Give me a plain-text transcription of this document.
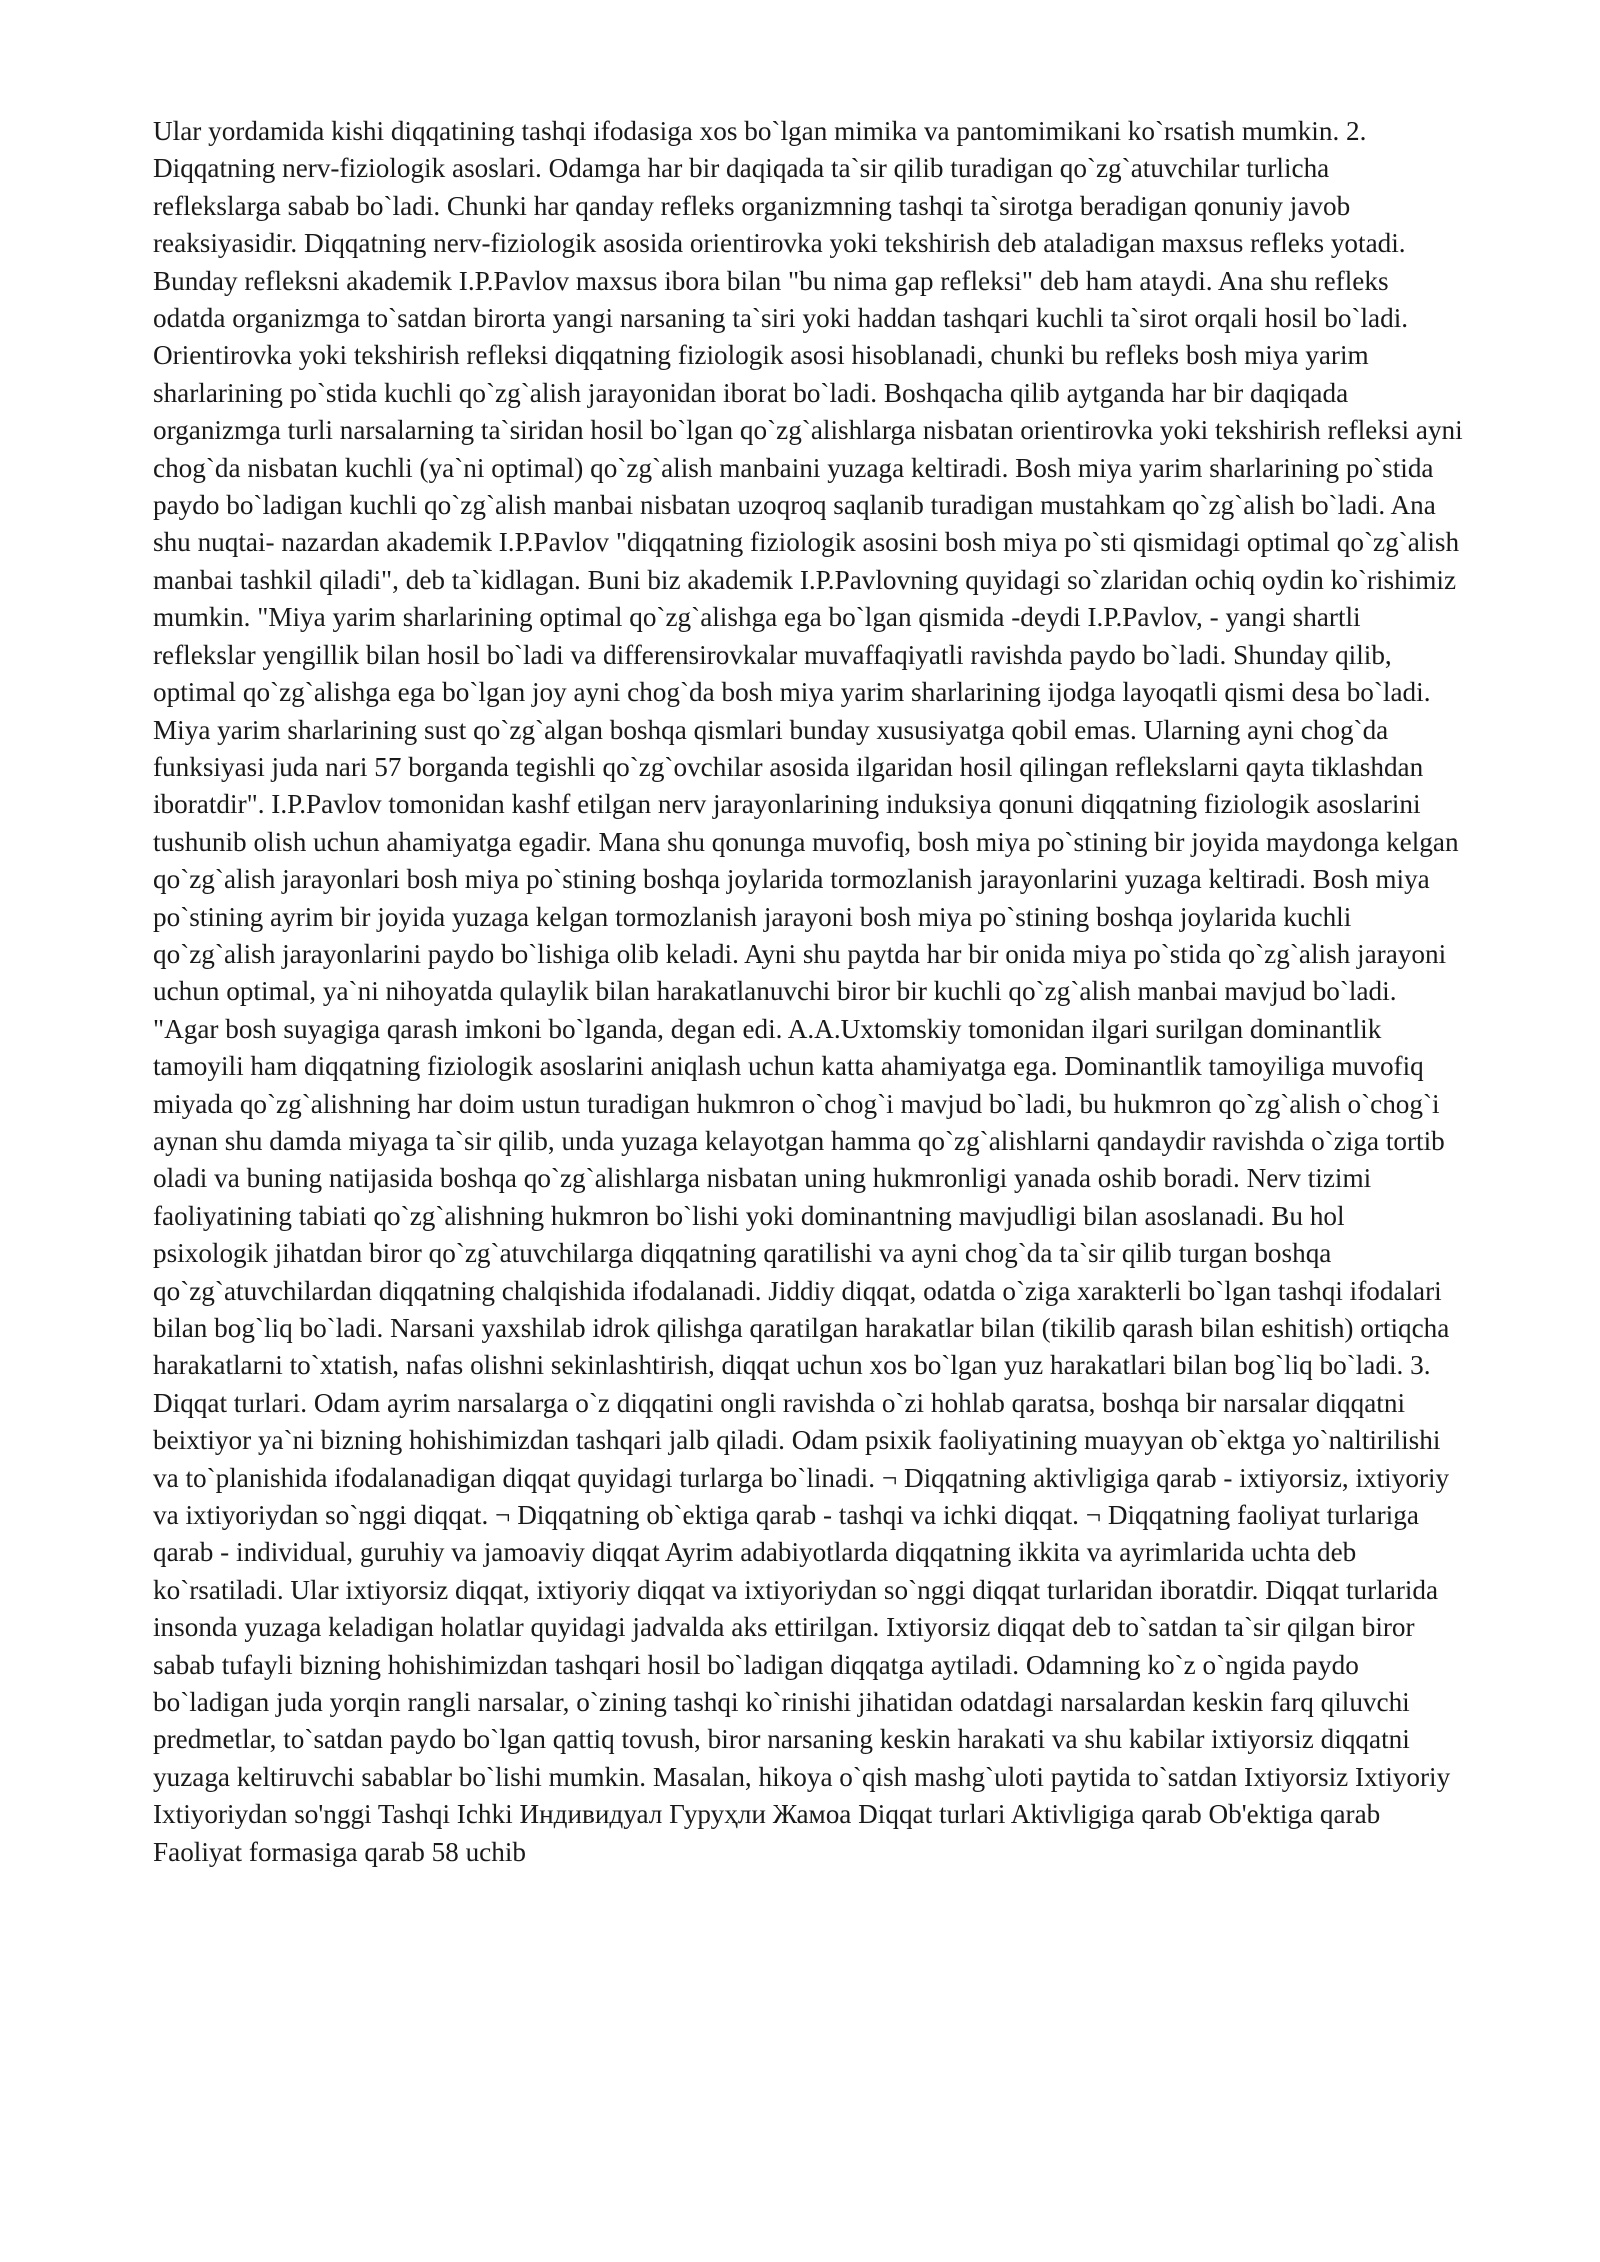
Ular yordamida kishi diqqatining tashqi ifodasiga xos bo`lgan mimika va pantomimikani ko`rsatish mumkin. 2. Diqqatning nerv-fiziologik asoslari. Odamga har bir daqiqada ta`sir qilib turadigan qo`zg`atuvchilar turlicha reflekslarga sabab bo`ladi. Chunki har qanday refleks organizmning tashqi ta`sirotga beradigan qonuniy javob reaksiyasidir. Diqqatning nerv-fiziologik asosida orientirovka yoki tekshirish deb ataladigan maxsus refleks yotadi. Bunday refleksni akademik I.P.Pavlov maxsus ibora bilan "bu nima gap refleksi" deb ham ataydi. Ana shu refleks odatda organizmga to`satdan birorta yangi narsaning ta`siri yoki haddan tashqari kuchli ta`sirot orqali hosil bo`ladi. Orientirovka yoki tekshirish refleksi diqqatning fiziologik asosi hisoblanadi, chunki bu refleks bosh miya yarim sharlarining po`stida kuchli qo`zg`alish jarayonidan iborat bo`ladi. Boshqacha qilib aytganda har bir daqiqada organizmga turli narsalarning ta`siridan hosil bo`lgan qo`zg`alishlarga nisbatan orientirovka yoki tekshirish refleksi ayni chog`da nisbatan kuchli (ya`ni optimal) qo`zg`alish manbaini yuzaga keltiradi. Bosh miya yarim sharlarining po`stida paydo bo`ladigan kuchli qo`zg`alish manbai nisbatan uzoqroq saqlanib turadigan mustahkam qo`zg`alish bo`ladi. Ana shu nuqtai- nazardan akademik I.P.Pavlov "diqqatning fiziologik asosini bosh miya po`sti qismidagi optimal qo`zg`alish manbai tashkil qiladi", deb ta`kidlagan. Buni biz akademik I.P.Pavlovning quyidagi so`zlaridan ochiq oydin ko`rishimiz mumkin. "Miya yarim sharlarining optimal qo`zg`alishga ega bo`lgan qismida -deydi I.P.Pavlov, - yangi shartli reflekslar yengillik bilan hosil bo`ladi va differensirovkalar muvaffaqiyatli ravishda paydo bo`ladi. Shunday qilib, optimal qo`zg`alishga ega bo`lgan joy ayni chog`da bosh miya yarim sharlarining ijodga layoqatli qismi desa bo`ladi. Miya yarim sharlarining sust qo`zg`algan boshqa qismlari bunday xususiyatga qobil emas. Ularning ayni chog`da funksiyasi juda nari 57 borganda tegishli qo`zg`ovchilar asosida ilgaridan hosil qilingan reflekslarni qayta tiklashdan iboratdir". I.P.Pavlov tomonidan kashf etilgan nerv jarayonlarining induksiya qonuni diqqatning fiziologik asoslarini tushunib olish uchun ahamiyatga egadir. Mana shu qonunga muvofiq, bosh miya po`stining bir joyida maydonga kelgan qo`zg`alish jarayonlari bosh miya po`stining boshqa joylarida tormozlanish jarayonlarini yuzaga keltiradi. Bosh miya po`stining ayrim bir joyida yuzaga kelgan tormozlanish jarayoni bosh miya po`stining boshqa joylarida kuchli qo`zg`alish jarayonlarini paydo bo`lishiga olib keladi. Ayni shu paytda har bir onida miya po`stida qo`zg`alish jarayoni uchun optimal, ya`ni nihoyatda qulaylik bilan harakatlanuvchi biror bir kuchli qo`zg`alish manbai mavjud bo`ladi. "Agar bosh suyagiga qarash imkoni bo`lganda, degan edi. A.A.Uxtomskiy tomonidan ilgari surilgan dominantlik tamoyili ham diqqatning fiziologik asoslarini aniqlash uchun katta ahamiyatga ega. Dominantlik tamoyiliga muvofiq miyada qo`zg`alishning har doim ustun turadigan hukmron o`chog`i mavjud bo`ladi, bu hukmron qo`zg`alish o`chog`i aynan shu damda miyaga ta`sir qilib, unda yuzaga kelayotgan hamma qo`zg`alishlarni qandaydir ravishda o`ziga tortib oladi va buning natijasida boshqa qo`zg`alishlarga nisbatan uning hukmronligi yanada oshib boradi. Nerv tizimi faoliyatining tabiati qo`zg`alishning hukmron bo`lishi yoki dominantning mavjudligi bilan asoslanadi. Bu hol psixologik jihatdan biror qo`zg`atuvchilarga diqqatning qaratilishi va ayni chog`da ta`sir qilib turgan boshqa qo`zg`atuvchilardan diqqatning chalqishida ifodalanadi. Jiddiy diqqat, odatda o`ziga xarakterli bo`lgan tashqi ifodalari bilan bog`liq bo`ladi. Narsani yaxshilab idrok qilishga qaratilgan harakatlar bilan (tikilib qarash bilan eshitish) ortiqcha harakatlarni to`xtatish, nafas olishni sekinlashtirish, diqqat uchun xos bo`lgan yuz harakatlari bilan bog`liq bo`ladi. 3. Diqqat turlari. Odam ayrim narsalarga o`z diqqatini ongli ravishda o`zi hohlab qaratsa, boshqa bir narsalar diqqatni beixtiyor ya`ni bizning hohishimizdan tashqari jalb qiladi. Odam psixik faoliyatining muayyan ob`ektga yo`naltirilishi va to`planishida ifodalanadigan diqqat quyidagi turlarga bo`linadi. ¬ Diqqatning aktivligiga qarab - ixtiyorsiz, ixtiyoriy va ixtiyoriydan so`nggi diqqat. ¬ Diqqatning ob`ektiga qarab - tashqi va ichki diqqat. ¬ Diqqatning faoliyat turlariga qarab - individual, guruhiy va jamoaviy diqqat Ayrim adabiyotlarda diqqatning ikkita va ayrimlarida uchta deb ko`rsatiladi. Ular ixtiyorsiz diqqat, ixtiyoriy diqqat va ixtiyoriydan so`nggi diqqat turlaridan iboratdir. Diqqat turlarida insonda yuzaga keladigan holatlar quyidagi jadvalda aks ettirilgan. Ixtiyorsiz diqqat deb to`satdan ta`sir qilgan biror sabab tufayli bizning hohishimizdan tashqari hosil bo`ladigan diqqatga aytiladi. Odamning ko`z o`ngida paydo bo`ladigan juda yorqin rangli narsalar, o`zining tashqi ko`rinishi jihatidan odatdagi narsalardan keskin farq qiluvchi predmetlar, to`satdan paydo bo`lgan qattiq tovush, biror narsaning keskin harakati va shu kabilar ixtiyorsiz diqqatni yuzaga keltiruvchi sabablar bo`lishi mumkin. Masalan, hikoya o`qish mashg`uloti paytida to`satdan Ixtiyorsiz Ixtiyoriy Ixtiyoriydan so'nggi Tashqi Ichki Индивидуал Гуруҳли Жамоа Diqqat turlari Aktivligiga qarab Ob'ektiga qarab Faoliyat formasiga qarab 58 uchib
